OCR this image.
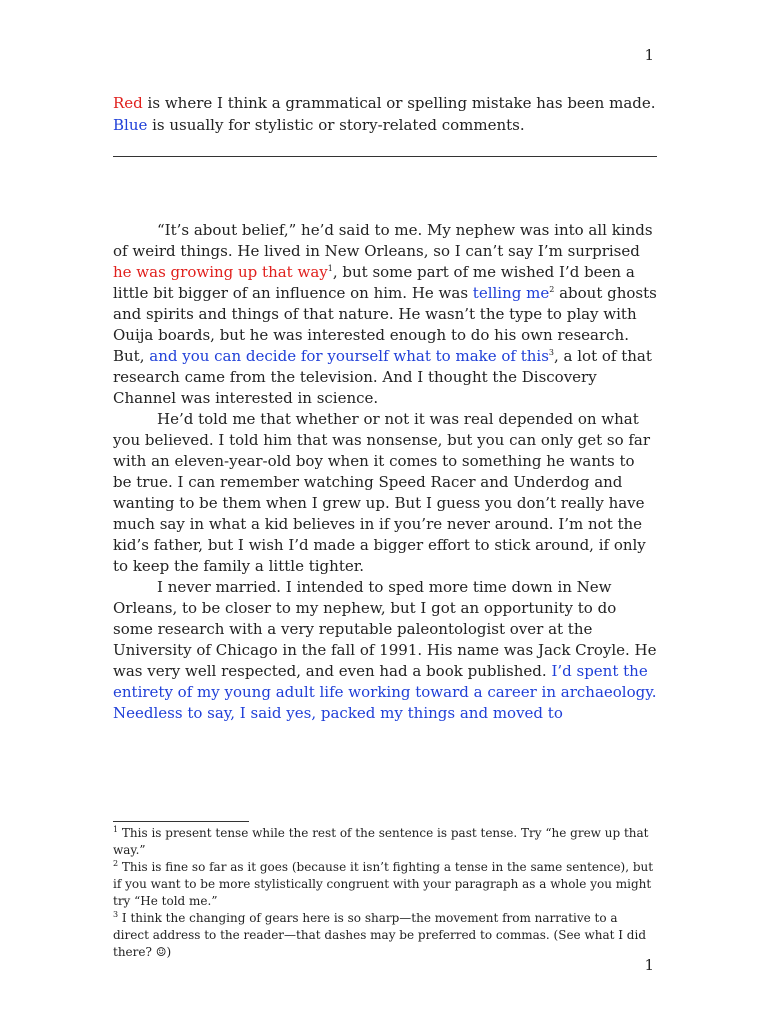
1
Red is where I think a grammatical or spelling mistake has been made. Blue is usually for stylistic or story-related comments.

“It’s about belief,” he’d said to me. My nephew was into all kinds of weird things. He lived in New Orleans, so I can’t say I’m surprised he was growing up that way$^1$, but some part of me wished I’d been a little bit bigger of an influence on him. He was telling $me^2$ about ghosts and spirits and things of that nature. He wasn’t the type to play with Ouija boards, but he was interested enough to do his own research. But, and you can decide for yourself what to make of this$^3$, a lot of that research came from the television. And I thought the Discovery Channel was interested in science.

He’d told me that whether or not it was real depended on what you believed. I told him that was nonsense, but you can only get so far with an eleven-year-old boy when it comes to something he wants to be true. I can remember watching Speed Racer and Underdog and wanting to be them when I grew up. But I guess you don’t really have much say in what a kid believes in if you’re never around. I’m not the kid’s father, but I wish I’d made a bigger effort to stick around, if only to keep the family a little tighter.

I never married. I intended to sped more time down in New Orleans, to be closer to my nephew, but I got an opportunity to do some research with a very reputable paleontologist over at the University of Chicago in the fall of 1991. His name was Jack Croyle. He was very well respected, and even had a book published. I’d spent the entirety of my young adult life working toward a career in archaeology. Needless to say, I said yes, packed my things and moved to

$^1$ This is present tense while the rest of the sentence is past tense. Try “he grew up that way.”

$^2$ This is fine so far as it goes (because it isn’t fighting a tense in the same sentence), but if you want to be more stylistically congruent with your paragraph as a whole you might try “He told me.”

$^3$ I think the changing of gears here is so sharp—the movement from narrative to a direct address to the reader—that dashes may be preferred to commas. (See what I did there? ☺)

1
